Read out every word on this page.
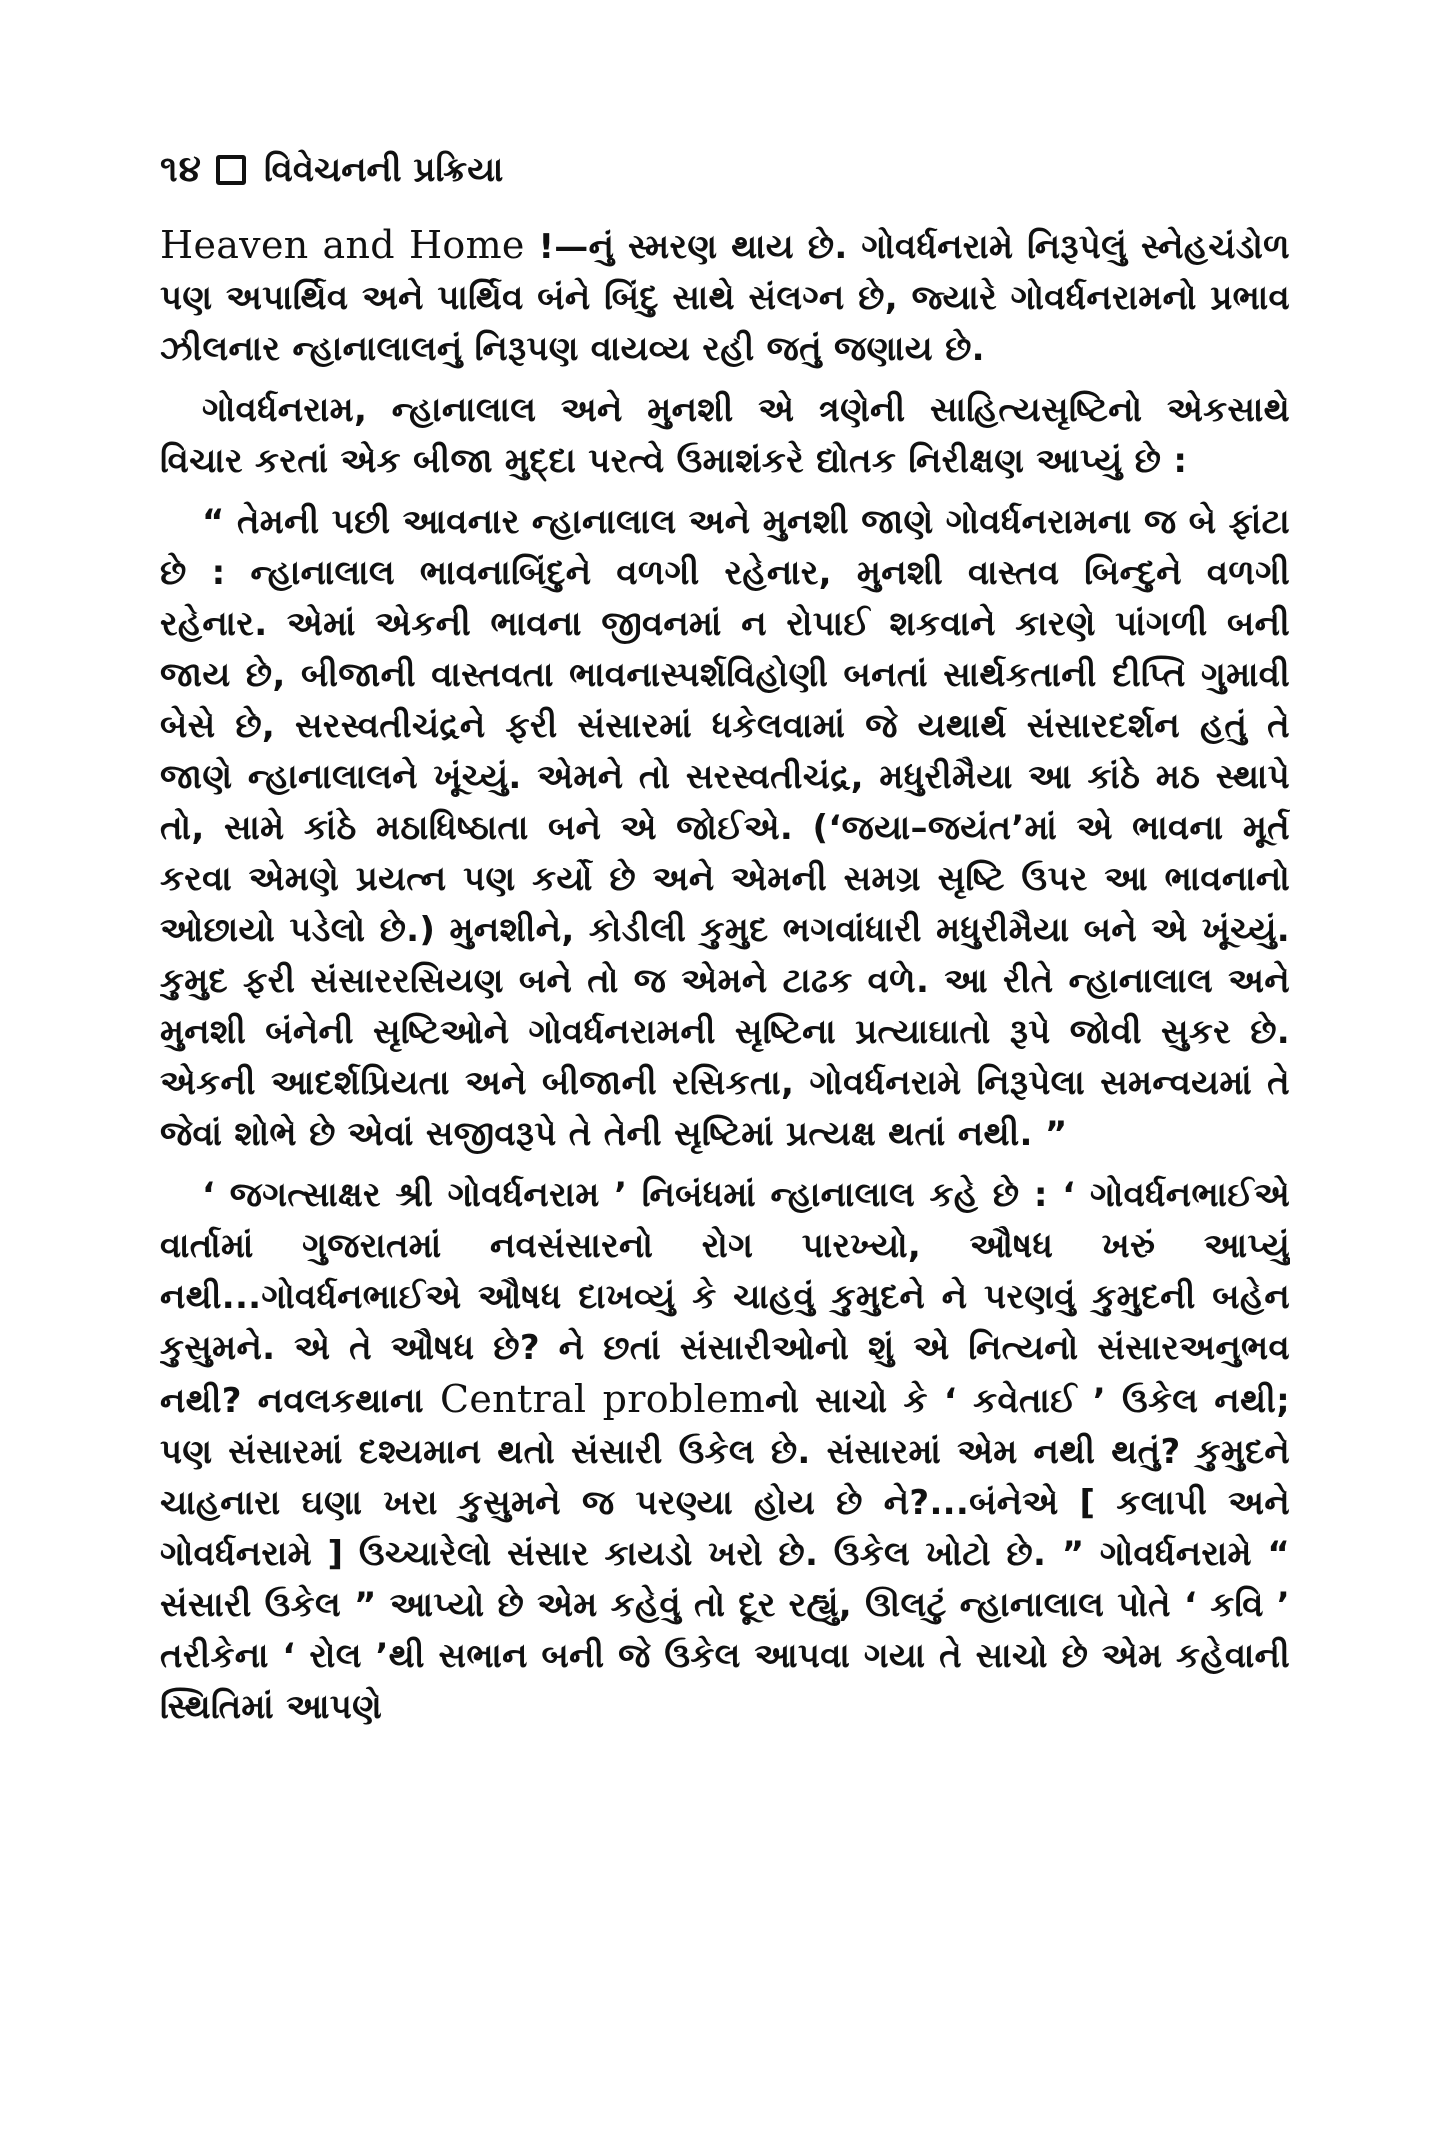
૧૪ વિવેચનની પ્રક્રિયા

Heaven and Home !—નું સ્મરણ થાય છે. ગોવર્ધનરામે નિરૂપેલું સ્નેહચંડોળ પણ અપાર્થિવ અને પાર્થિવ બંને બિંદુ સાથે સંલગ્ન છે, જ્યારે ગોવર્ધનરામનો પ્રભાવ ઝીલનાર ન્હાનાલાલનું નિરૂપણ વાયવ્ય રહી જતું જણાય છે.

ગોવર્ધનરામ, ન્હાનાલાલ અને મુનશી એ ત્રણેની સાહિત્યસૃષ્ટિનો એકસાથે વિચાર કરતાં એક બીજા મુદ્દા પરત્વે ઉમાશંકરે દ્યોતક નિરીક્ષણ આપ્યું છે :

“ તેમની પછી આવનાર ન્હાનાલાલ અને મુનશી જાણે ગોવર્ધનરામના જ બે ફાંટા છે : ન્હાનાલાલ ભાવનાબિંદુને વળગી રહેનાર, મુનશી વાસ્તવ બિન્દુને વળગી રહેનાર. એમાં એકની ભાવના જીવનમાં ન રોપાઈ શકવાને કારણે પાંગળી બની જાય છે, બીજાની વાસ્તવતા ભાવનાસ્પર્શવિહોણી બનતાં સાર્થકતાની દીપ્તિ ગુમાવી બેસે છે, સરસ્વતીચંદ્રને ફરી સંસારમાં ધકેલવામાં જે યથાર્થ સંસારદર્શન હતું તે જાણે ન્હાનાલાલને ખૂંચ્યું. એમને તો સરસ્વતીચંદ્ર, મધુરીમૈયા આ કાંઠે મઠ સ્થાપે તો, સામે કાંઠે મઠાધિષ્ઠાતા બને એ જોઈએ. (‘જયા–જયંત’માં એ ભાવના મૂર્ત કરવા એમણે પ્રયત્ન પણ કર્યો છે અને એમની સમગ્ર સૃષ્ટિ ઉપર આ ભાવનાનો ઓછાયો પડેલો છે.) મુનશીને, કોડીલી કુમુદ ભગવાંધારી મધુરીમૈયા બને એ ખૂંચ્યું. કુમુદ ફરી સંસારરસિયણ બને તો જ એમને ટાઢક વળે. આ રીતે ન્હાનાલાલ અને મુનશી બંનેની સૃષ્ટિઓને ગોવર્ધનરામની સૃષ્ટિના પ્રત્યાઘાતો રૂપે જોવી સુકર છે. એકની આદર્શપ્રિયતા અને બીજાની રસિકતા, ગોવર્ધનરામે નિરૂપેલા સમન્વયમાં તે જેવાં શોભે છે એવાં સજીવરૂપે તે તેની સૃષ્ટિમાં પ્રત્યક્ષ થતાં નથી. ”

‘ જગત્સાક્ષર શ્રી ગોવર્ધનરામ ’ નિબંધમાં ન્હાનાલાલ કહે છે : ‘ ગોવર્ધનભાઈએ વાર્તામાં ગુજરાતમાં નવસંસારનો રોગ પારખ્યો, ઔષધ ખરું આપ્યું નથી...ગોવર્ધનભાઈએ ઔષધ દાખવ્યું કે ચાહવું કુમુદને ને પરણવું કુમુદની બહેન કુસુમને. એ તે ઔષધ છે? ને છતાં સંસારીઓનો શું એ નિત્યનો સંસારઅનુભવ નથી? નવલકથાના Central problemનો સાચો કે ‘ કવેતાઈ ’ ઉકેલ નથી; પણ સંસારમાં દશ્યમાન થતો સંસારી ઉકેલ છે. સંસારમાં એમ નથી થતું? કુમુદને ચાહનારા ઘણા ખરા કુસુમને જ પરણ્યા હોય છે ને?...બંનેએ [ કલાપી અને ગોવર્ધનરામે ] ઉચ્ચારેલો સંસાર કાયડો ખરો છે. ઉકેલ ખોટો છે. ” ગોવર્ધનરામે “ સંસારી ઉકેલ ” આપ્યો છે એમ કહેવું તો દૂર રહ્યું, ઊલટું ન્હાનાલાલ પોતે ‘ કવિ ’ તરીકેના ‘ રોલ ’થી સભાન બની જે ઉકેલ આપવા ગયા તે સાચો છે એમ કહેવાની સ્થિતિમાં આપણે
